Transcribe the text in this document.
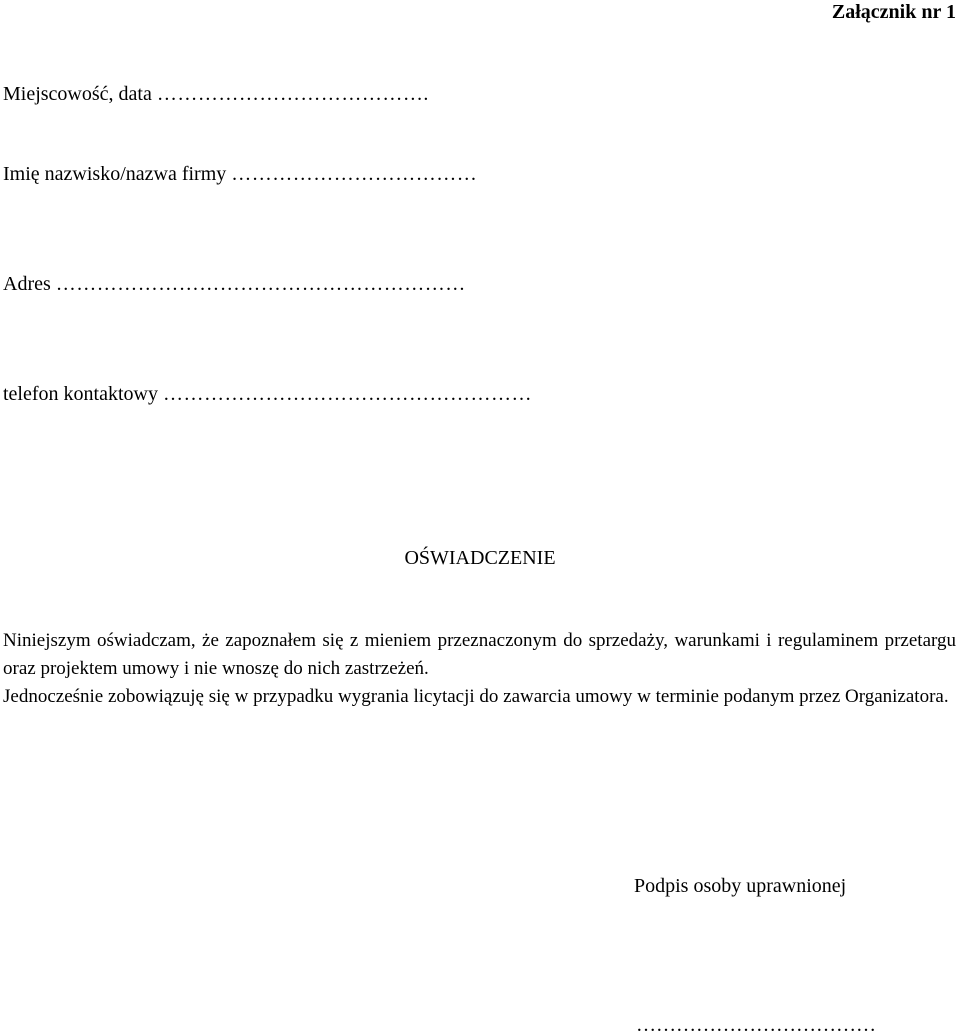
Załącznik nr 1
Miejscowość, data ………………………………….
Imię nazwisko/nazwa firmy ………………………………
Adres ……………………………………………………
telefon kontaktowy ………………………………………………
OŚWIADCZENIE

Niniejszym oświadczam, że zapoznałem się z mieniem przeznaczonym do sprzedaży, warunkami i regulaminem przetargu oraz projektem umowy i nie wnoszę do nich zastrzeżeń.

Jednocześnie zobowiązuję się w przypadku wygrania licytacji do zawarcia umowy w terminie podanym przez Organizatora.

Podpis osoby uprawnionej
………………………………
